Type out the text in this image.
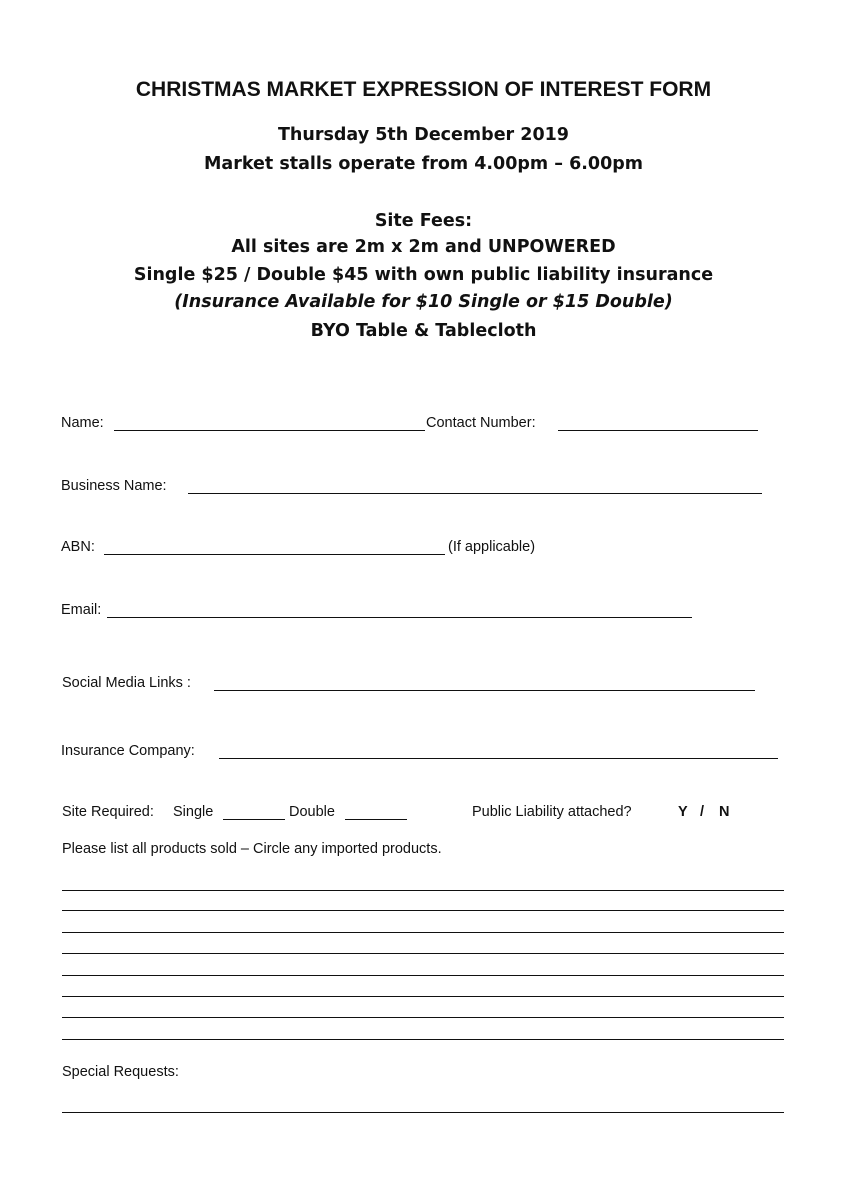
CHRISTMAS MARKET EXPRESSION OF INTEREST FORM
Thursday 5th December 2019
Market stalls operate from 4.00pm – 6.00pm
Site Fees:
All sites are 2m x 2m and UNPOWERED
Single $25 / Double $45 with own public liability insurance
(Insurance Available for $10 Single or $15 Double)
BYO Table & Tablecloth
Name:	Contact Number:
Business Name:
ABN:	(If applicable)
Email:
Social Media Links :
Insurance Company:
Site Required: Single	Double	Public Liability attached?	Y / N
Please list all products sold – Circle any imported products.
Special Requests:
